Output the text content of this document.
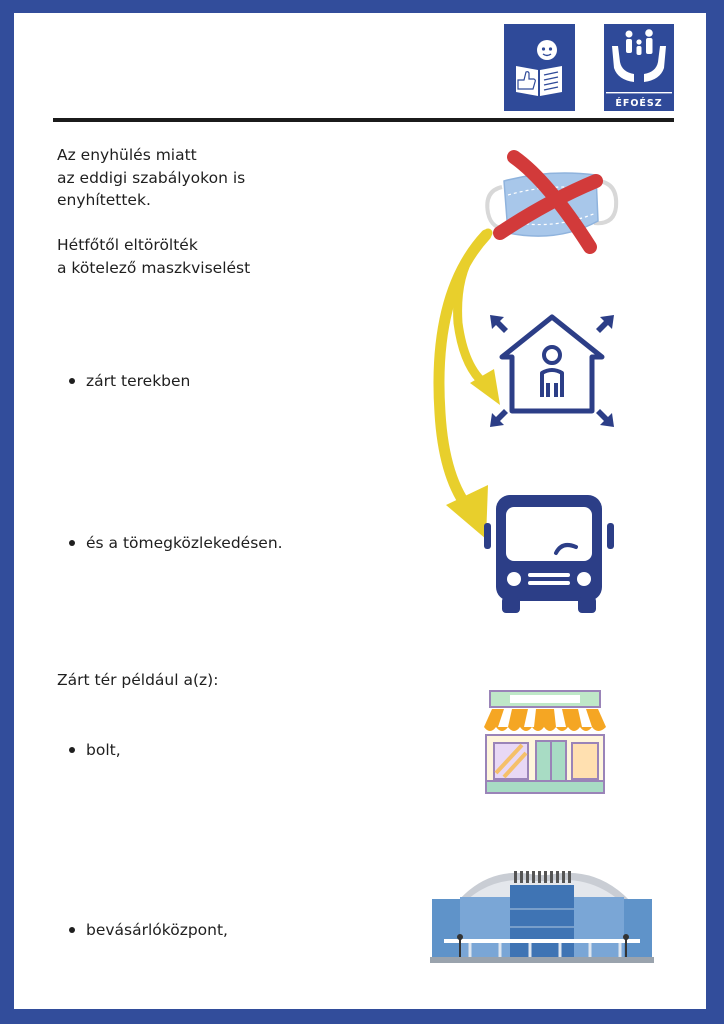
ÉFOÉSZ
Az enyhülés miatt
az eddigi szabályokon is
enyhítettek.

Hétfőtől eltörölték
a kötelező maszkviselést
zárt terekben
és a tömegközlekedésen.
Zárt tér például a(z):
bolt,
bevásárlóközpont,
